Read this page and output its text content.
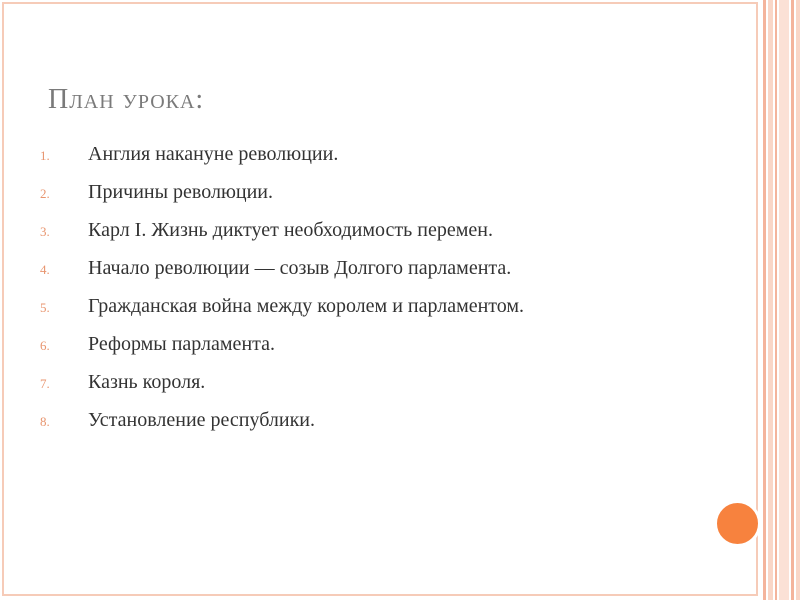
План урока:
1.	Англия накануне революции.
2.	Причины революции.
3.	Карл I. Жизнь диктует необходимость перемен.
4.	Начало революции — созыв Долгого парламента.
5.	Гражданская война между королем и парламентом.
6.	Реформы парламента.
7.	Казнь короля.
8.	Установление республики.
